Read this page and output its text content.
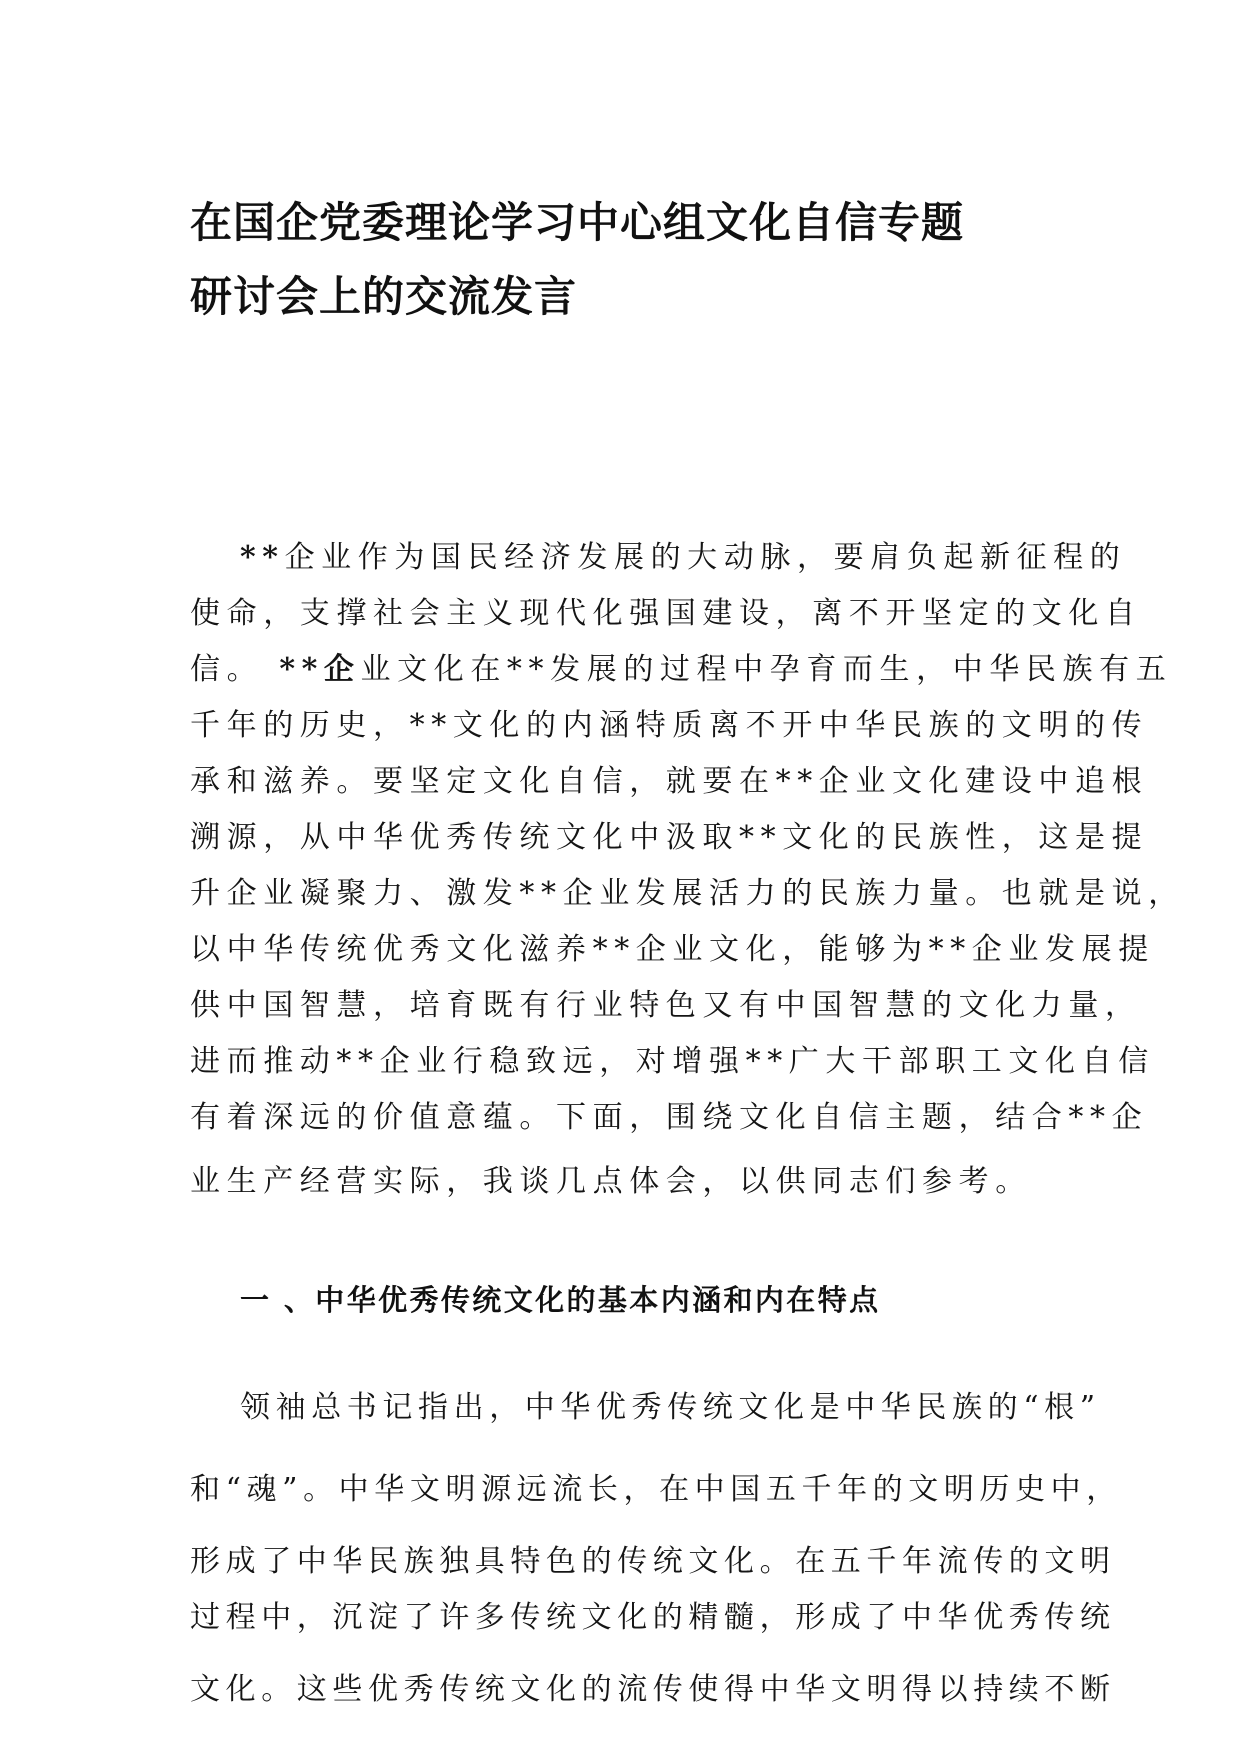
在国企党委理论学习中心组文化自信专题
研讨会上的交流发言

**企业作为国民经济发展的大动脉，要肩负起新征程的

使命，支撑社会主义现代化强国建设，离不开坚定的文化自

信。 **企业文化在**发展的过程中孕育而生，中华民族有五

千年的历史，**文化的内涵特质离不开中华民族的文明的传

承和滋养。要坚定文化自信，就要在**企业文化建设中追根

溯源，从中华优秀传统文化中汲取**文化的民族性，这是提

升企业凝聚力、激发**企业发展活力的民族力量。也就是说，

以中华传统优秀文化滋养**企业文化，能够为**企业发展提

供中国智慧，培育既有行业特色又有中国智慧的文化力量，

进而推动**企业行稳致远，对增强**广大干部职工文化自信

有着深远的价值意蕴。下面，围绕文化自信主题，结合**企

业生产经营实际，我谈几点体会，以供同志们参考。

一 、中华优秀传统文化的基本内涵和内在特点

领袖总书记指出，中华优秀传统文化是中华民族的“根”

和“魂”。中华文明源远流长，在中国五千年的文明历史中，

形成了中华民族独具特色的传统文化。在五千年流传的文明

过程中，沉淀了许多传统文化的精髓，形成了中华优秀传统

文化。这些优秀传统文化的流传使得中华文明得以持续不断
